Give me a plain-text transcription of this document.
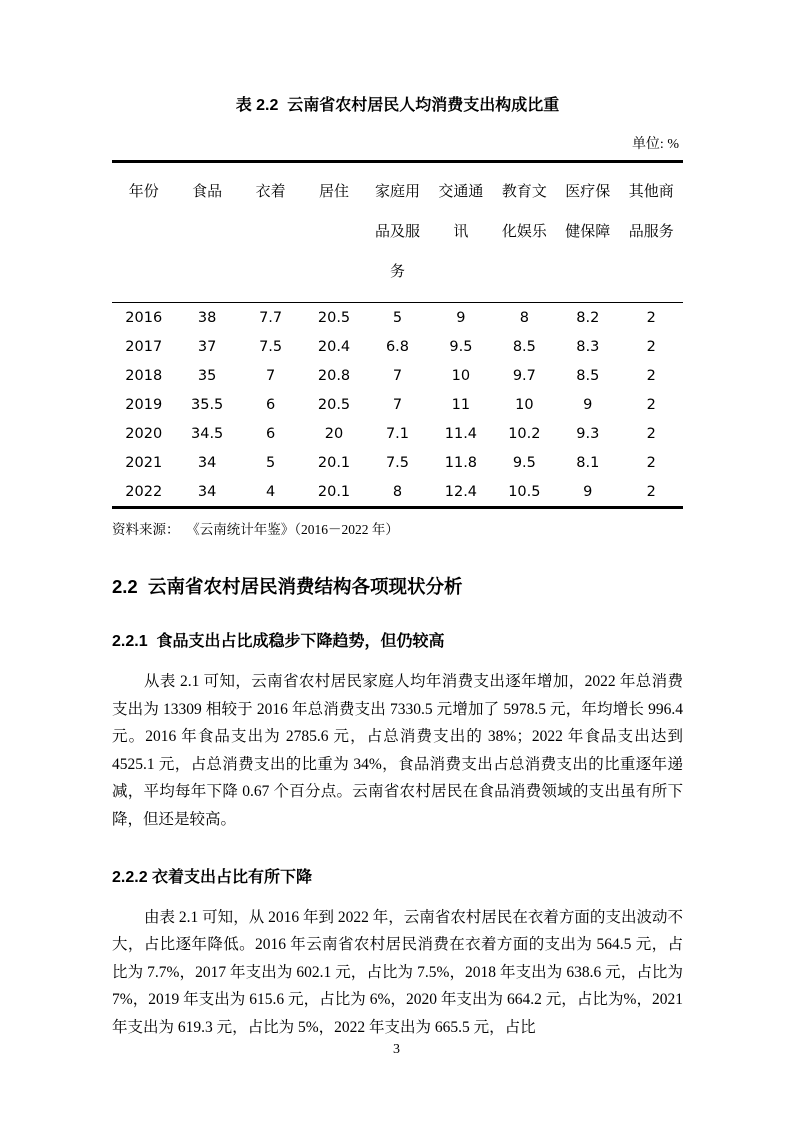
表 2.2  云南省农村居民人均消费支出构成比重
单位: %
年份	食品	衣着	居住	家庭用品及服务	交通通讯	教育文化娱乐	医疗保健保障	其他商品服务
2016	38	7.7	20.5	5	9	8	8.2	2
2017	37	7.5	20.4	6.8	9.5	8.5	8.3	2
2018	35	7	20.8	7	10	9.7	8.5	2
2019	35.5	6	20.5	7	11	10	9	2
2020	34.5	6	20	7.1	11.4	10.2	9.3	2
2021	34	5	20.1	7.5	11.8	9.5	8.1	2
2022	34	4	20.1	8	12.4	10.5	9	2
资料来源：  《云南统计年鉴》（2016－2022 年）
2.2  云南省农村居民消费结构各项现状分析
2.2.1  食品支出占比成稳步下降趋势，但仍较高

从表 2.1 可知，云南省农村居民家庭人均年消费支出逐年增加，2022 年总消费支出为 13309 相较于 2016 年总消费支出 7330.5 元增加了 5978.5 元，年均增长 996.4 元。2016 年食品支出为 2785.6 元，占总消费支出的 38%；2022 年食品支出达到 4525.1 元，占总消费支出的比重为 34%，食品消费支出占总消费支出的比重逐年递减，平均每年下降 0.67 个百分点。云南省农村居民在食品消费领域的支出虽有所下降，但还是较高。

2.2.2 衣着支出占比有所下降

由表 2.1 可知，从 2016 年到 2022 年，云南省农村居民在衣着方面的支出波动不大，占比逐年降低。2016 年云南省农村居民消费在衣着方面的支出为 564.5 元，占比为 7.7%，2017 年支出为 602.1 元，占比为 7.5%，2018 年支出为 638.6 元，占比为 7%，2019 年支出为 615.6 元，占比为 6%，2020 年支出为 664.2 元，占比为%，2021 年支出为 619.3 元，占比为 5%，2022 年支出为 665.5 元，占比

3
